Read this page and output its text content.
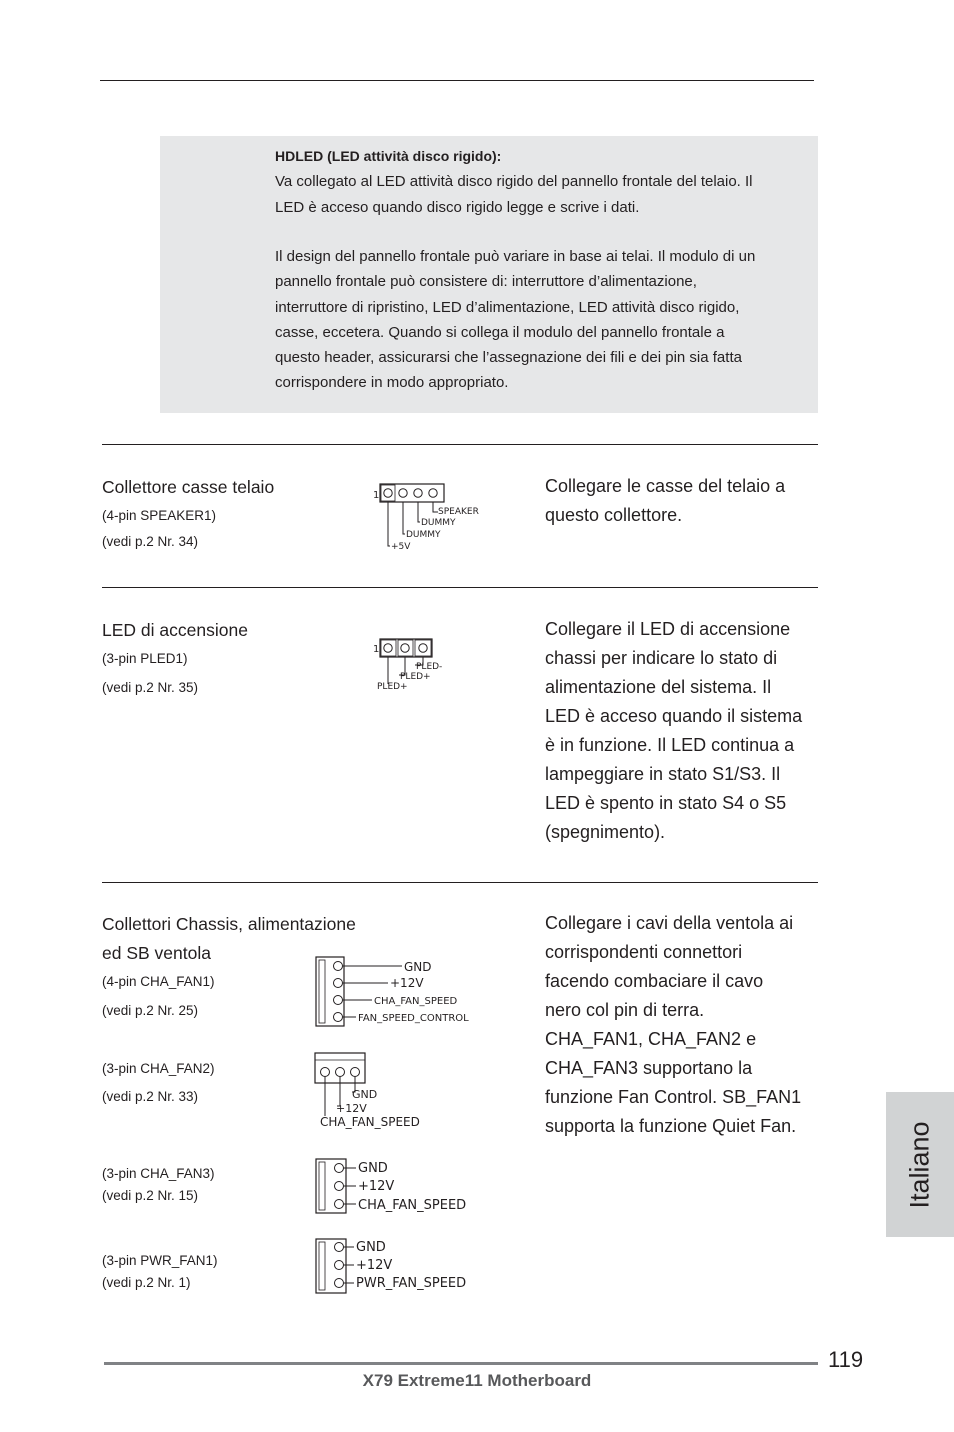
HDLED (LED attività disco rigido):
Va collegato al LED attività disco rigido del pannello frontale del telaio. Il
LED è acceso quando disco rigido legge e scrive i dati.
Il design del pannello frontale può variare in base ai telai. Il modulo di un
pannello frontale può consistere di: interruttore d’alimentazione,
interruttore di ripristino, LED d’alimentazione, LED attività disco rigido,
casse, eccetera. Quando si collega il modulo del pannello frontale a
questo header, assicurarsi che l’assegnazione dei fili e dei pin sia fatta
corrispondere in modo appropriato.
Collettore casse telaio
(4-pin SPEAKER1)
(vedi p.2 Nr. 34)
1
SPEAKER
DUMMY
DUMMY
+5V
Collegare le casse del telaio a
questo collettore.
LED di accensione
(3-pin PLED1)
(vedi p.2 Nr. 35)
1
PLED-
PLED+
PLED+
Collegare il LED di accensione
chassi per indicare lo stato di
alimentazione del sistema. Il
LED è acceso quando il sistema
è in funzione. Il LED continua a
lampeggiare in stato S1/S3. Il
LED è spento in stato S4 o S5
(spegnimento).
Collettori Chassis, alimentazione
ed SB ventola
(4-pin CHA_FAN1)
(vedi p.2 Nr. 25)
GND
+12V
CHA_FAN_SPEED
FAN_SPEED_CONTROL
(3-pin CHA_FAN2)
(vedi p.2 Nr. 33)	GND
+12V
CHA_FAN_SPEED
(3-pin CHA_FAN3)
(vedi p.2 Nr. 15)
GND
+12V
CHA_FAN_SPEED
(3-pin PWR_FAN1)
(vedi p.2 Nr. 1)
GND
+12V
PWR_FAN_SPEED
Collegare i cavi della ventola ai
corrispondenti connettori
facendo combaciare il cavo
nero col pin di terra.
CHA_FAN1, CHA_FAN2 e
CHA_FAN3 supportano la
funzione Fan Control. SB_FAN1
supporta la funzione Quiet Fan.	Italiano
119
X79 Extreme11 Motherboard
